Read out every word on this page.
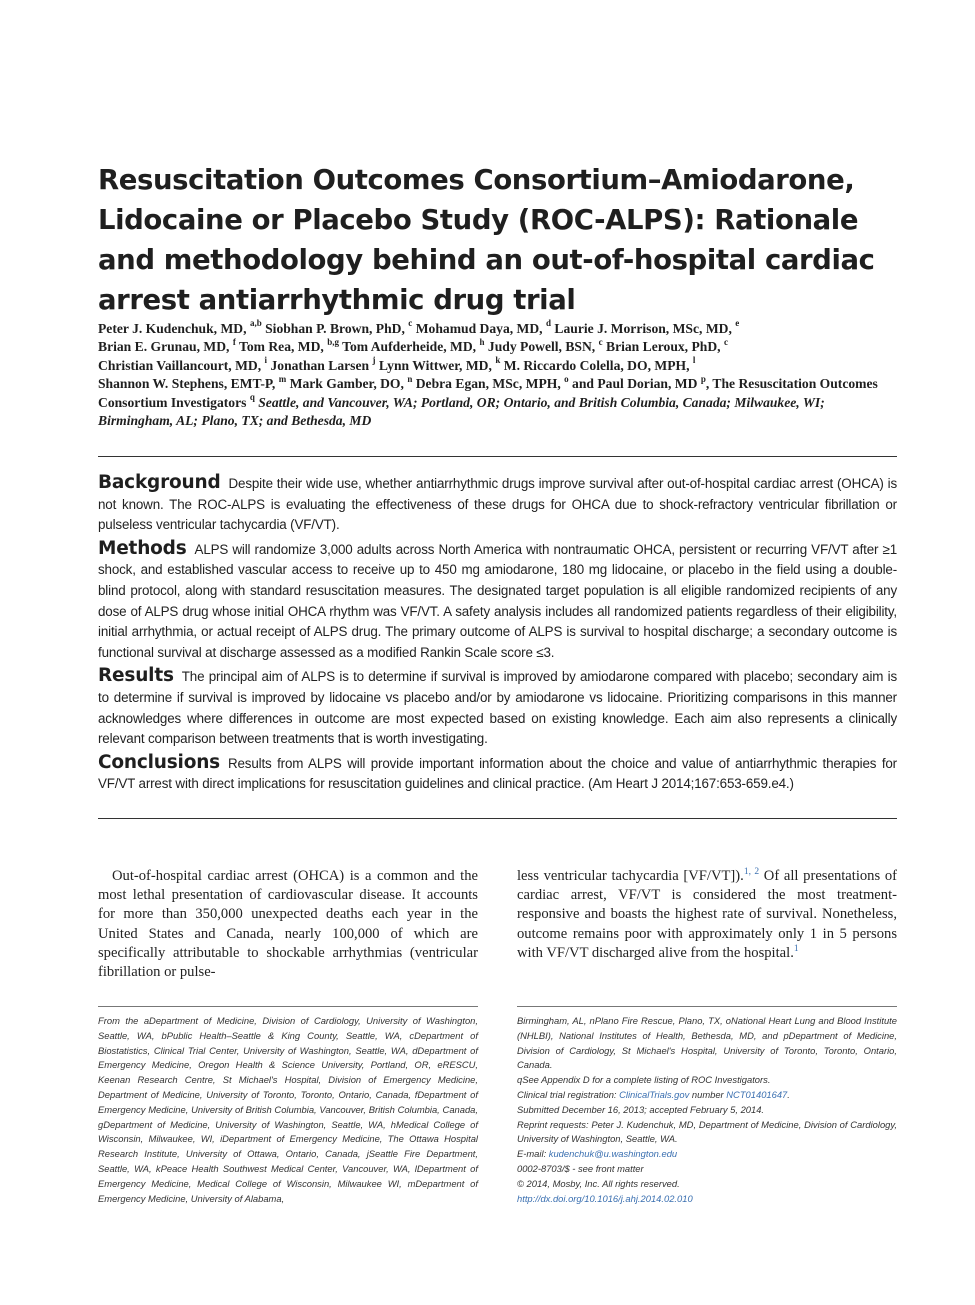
Resuscitation Outcomes Consortium–Amiodarone, Lidocaine or Placebo Study (ROC-ALPS): Rationale and methodology behind an out-of-hospital cardiac arrest antiarrhythmic drug trial
Peter J. Kudenchuk, MD, $^{a,b}$ Siobhan P. Brown, PhD, $^c$ Mohamud Daya, MD, $^d$ Laurie J. Morrison, MSc, MD, $^e$
Brian E. Grunau, MD, $^f$ Tom Rea, MD, $^{b,g}$ Tom Aufderheide, MD, $^h$ Judy Powell, BSN, $^c$ Brian Leroux, PhD, $^c$
Christian Vaillancourt, MD, $^i$ Jonathan Larsen $^j$ Lynn Wittwer, MD, $^k$ M. Riccardo Colella, DO, MPH, $^l$
Shannon W. Stephens, EMT-P, $^m$ Mark Gamber, DO, $^n$ Debra Egan, MSc, MPH, $^o$ and Paul Dorian, MD $^p$, The Resuscitation Outcomes Consortium Investigators $^q$ Seattle, and Vancouver, WA; Portland, OR; Ontario, and British Columbia, Canada; Milwaukee, WI; Birmingham, AL; Plano, TX; and Bethesda, MD

Background Despite their wide use, whether antiarrhythmic drugs improve survival after out-of-hospital cardiac arrest (OHCA) is not known. The ROC-ALPS is evaluating the effectiveness of these drugs for OHCA due to shock-refractory ventricular fibrillation or pulseless ventricular tachycardia (VF/VT).

Methods ALPS will randomize 3,000 adults across North America with nontraumatic OHCA, persistent or recurring VF/VT after ≥1 shock, and established vascular access to receive up to 450 mg amiodarone, 180 mg lidocaine, or placebo in the field using a double-blind protocol, along with standard resuscitation measures. The designated target population is all eligible randomized recipients of any dose of ALPS drug whose initial OHCA rhythm was VF/VT. A safety analysis includes all randomized patients regardless of their eligibility, initial arrhythmia, or actual receipt of ALPS drug. The primary outcome of ALPS is survival to hospital discharge; a secondary outcome is functional survival at discharge assessed as a modified Rankin Scale score ≤3.

Results The principal aim of ALPS is to determine if survival is improved by amiodarone compared with placebo; secondary aim is to determine if survival is improved by lidocaine vs placebo and/or by amiodarone vs lidocaine. Prioritizing comparisons in this manner acknowledges where differences in outcome are most expected based on existing knowledge. Each aim also represents a clinically relevant comparison between treatments that is worth investigating.

Conclusions Results from ALPS will provide important information about the choice and value of antiarrhythmic therapies for VF/VT arrest with direct implications for resuscitation guidelines and clinical practice. (Am Heart J 2014;167:653-659.e4.)

Out-of-hospital cardiac arrest (OHCA) is a common and the most lethal presentation of cardiovascular disease. It accounts for more than 350,000 unexpected deaths each year in the United States and Canada, nearly 100,000 of which are specifically attributable to shockable arrhythmias (ventricular fibrillation or pulse-

less ventricular tachycardia [VF/VT]).$^{1, 2}$ Of all presentations of cardiac arrest, VF/VT is considered the most treatment-responsive and boasts the highest rate of survival. Nonetheless, outcome remains poor with approximately only 1 in 5 persons with VF/VT discharged alive from the hospital.$^1$

From the aDepartment of Medicine, Division of Cardiology, University of Washington, Seattle, WA, bPublic Health–Seattle & King County, Seattle, WA, cDepartment of Biostatistics, Clinical Trial Center, University of Washington, Seattle, WA, dDepartment of Emergency Medicine, Oregon Health & Science University, Portland, OR, eRESCU, Keenan Research Centre, St Michael's Hospital, Division of Emergency Medicine, Department of Medicine, University of Toronto, Toronto, Ontario, Canada, fDepartment of Emergency Medicine, University of British Columbia, Vancouver, British Columbia, Canada, gDepartment of Medicine, University of Washington, Seattle, WA, hMedical College of Wisconsin, Milwaukee, WI, iDepartment of Emergency Medicine, The Ottawa Hospital Research Institute, University of Ottawa, Ontario, Canada, jSeattle Fire Department, Seattle, WA, kPeace Health Southwest Medical Center, Vancouver, WA, lDepartment of Emergency Medicine, Medical College of Wisconsin, Milwaukee WI, mDepartment of Emergency Medicine, University of Alabama,

Birmingham, AL, nPlano Fire Rescue, Plano, TX, oNational Heart Lung and Blood Institute (NHLBI), National Institutes of Health, Bethesda, MD, and pDepartment of Medicine, Division of Cardiology, St Michael's Hospital, University of Toronto, Toronto, Ontario, Canada.

qSee Appendix D for a complete listing of ROC Investigators.

Clinical trial registration: ClinicalTrials.gov number NCT01401647.

Submitted December 16, 2013; accepted February 5, 2014.

Reprint requests: Peter J. Kudenchuk, MD, Department of Medicine, Division of Cardiology, University of Washington, Seattle, WA.

E-mail: kudenchuk@u.washington.edu

0002-8703/$ - see front matter

© 2014, Mosby, Inc. All rights reserved.

http://dx.doi.org/10.1016/j.ahj.2014.02.010
